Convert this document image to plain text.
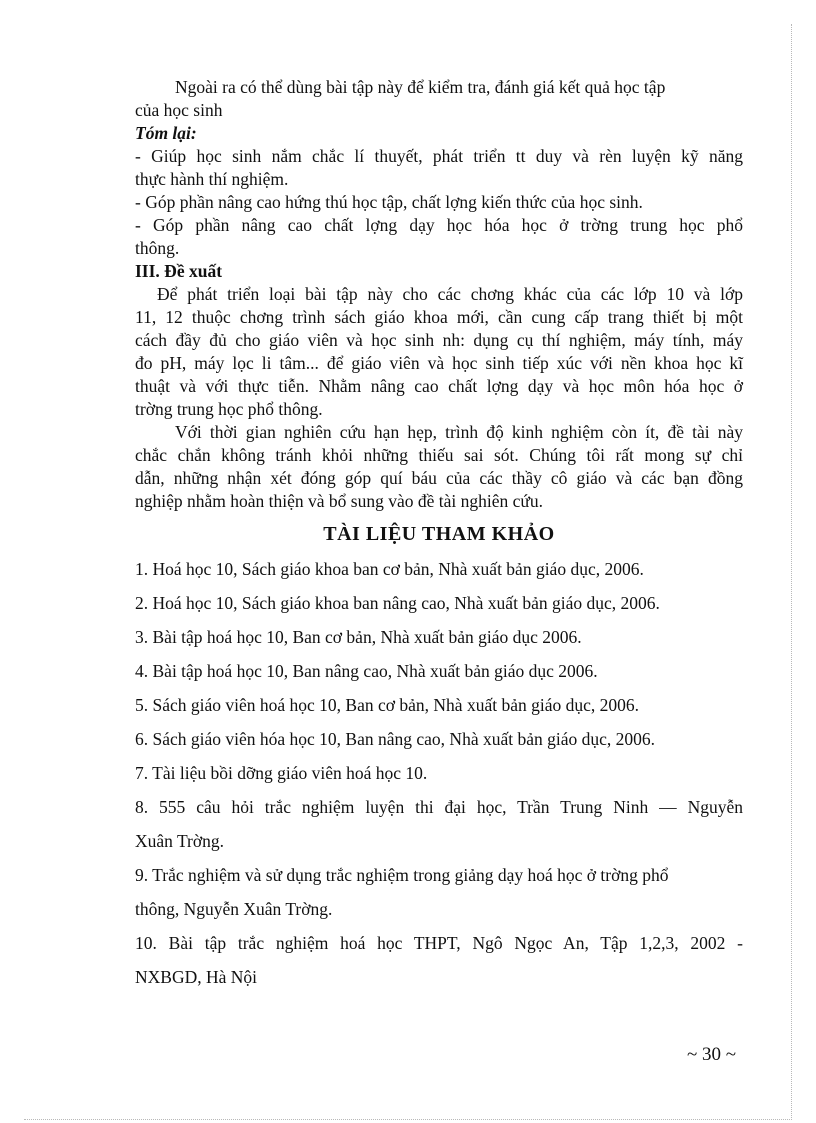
Ngoài ra có thể dùng bài tập này để kiểm tra, đánh giá kết quả học tập

của học sinh

Tóm lại:

- Giúp học sinh nắm chắc lí thuyết, phát triển tt duy và rèn luyện kỹ năng

thực hành thí nghiệm.

- Góp phần nâng cao hứng thú học tập, chất lợng kiến thức của học sinh.

- Góp phần nâng cao chất lợng dạy học hóa học ở trờng trung học phổ

thông.

III. Đề xuất

Để phát triển loại bài tập này cho các chơng khác của các lớp 10 và lớp

11, 12 thuộc chơng trình sách giáo khoa mới, cần cung cấp trang thiết bị một

cách đầy đủ cho giáo viên và học sinh nh: dụng cụ thí nghiệm, máy tính, máy

đo pH, máy lọc li tâm... để giáo viên và học sinh tiếp xúc với nền khoa học kĩ

thuật và với thực tiễn. Nhằm nâng cao chất lợng dạy và học môn hóa học ở

trờng trung học phổ thông.

Với thời gian nghiên cứu hạn hẹp, trình độ kinh nghiệm còn ít, đề tài này

chắc chắn không tránh khỏi những thiếu sai sót. Chúng tôi rất mong sự chỉ

dẫn, những nhận xét đóng góp quí báu của các thầy cô giáo và các bạn đồng

nghiệp nhằm hoàn thiện và bổ sung vào đề tài nghiên cứu.

TÀI LIỆU THAM KHẢO

1. Hoá học 10, Sách giáo khoa ban cơ bản, Nhà xuất bản giáo dục, 2006.

2. Hoá học 10, Sách giáo khoa ban nâng cao, Nhà xuất bản giáo dục, 2006.

3. Bài tập hoá học 10, Ban cơ bản, Nhà xuất bản giáo dục 2006.

4. Bài tập hoá học 10, Ban nâng cao, Nhà xuất bản giáo dục 2006.

5. Sách giáo viên hoá học 10, Ban cơ bản, Nhà xuất bản giáo dục, 2006.

6. Sách giáo viên hóa học 10, Ban nâng cao, Nhà xuất bản giáo dục, 2006.

7. Tài liệu bồi dỡng giáo viên hoá học 10.

8. 555 câu hỏi trắc nghiệm luyện thi đại học, Trần Trung Ninh — Nguyễn

Xuân Trờng.

9. Trắc nghiệm và sử dụng trắc nghiệm trong giảng dạy hoá học ở trờng phổ

thông, Nguyễn Xuân Trờng.

10. Bài tập trắc nghiệm hoá học THPT, Ngô Ngọc An, Tập 1,2,3, 2002 -

NXBGD, Hà Nội

~ 30 ~
